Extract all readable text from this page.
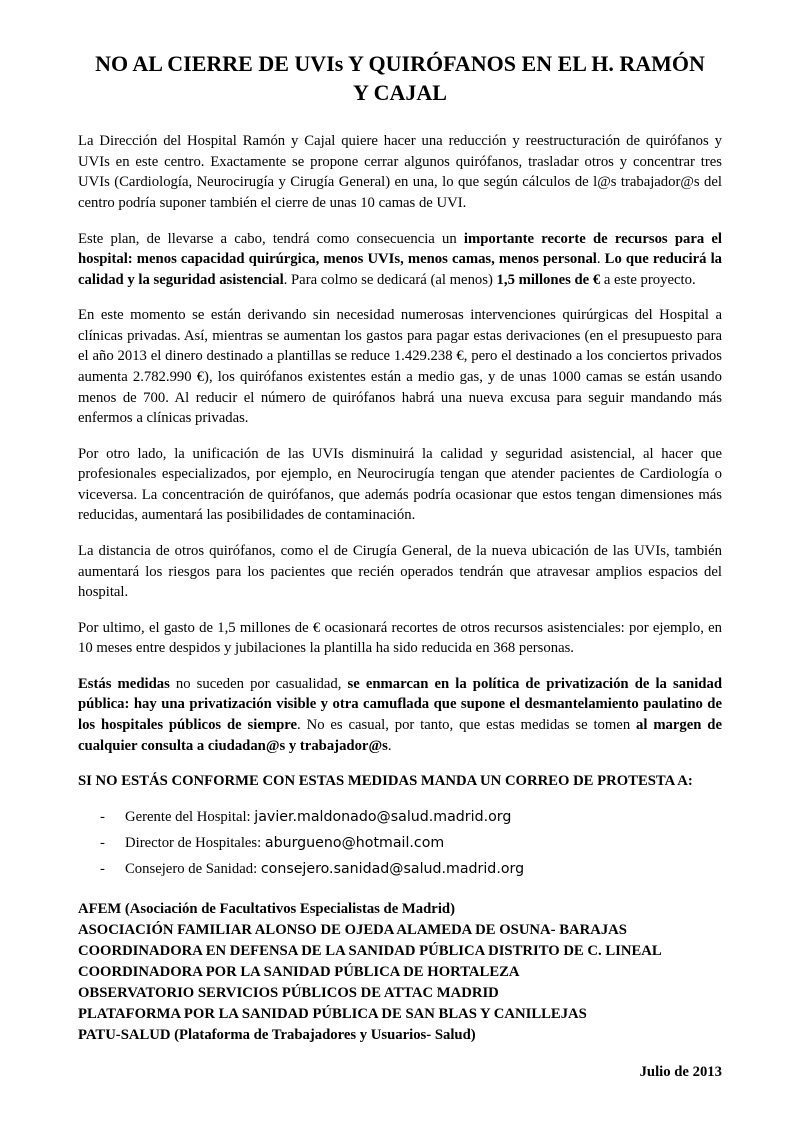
NO AL CIERRE DE UVIs Y QUIRÓFANOS EN EL H. RAMÓN Y CAJAL

La Dirección del Hospital Ramón y Cajal quiere hacer una reducción y reestructuración de quirófanos y UVIs en este centro. Exactamente se propone cerrar algunos quirófanos, trasladar otros y concentrar tres UVIs (Cardiología, Neurocirugía y Cirugía General) en una, lo que según cálculos de l@s trabajador@s del centro podría suponer también el cierre de unas 10 camas de UVI.

Este plan, de llevarse a cabo, tendrá como consecuencia un importante recorte de recursos para el hospital: menos capacidad quirúrgica, menos UVIs, menos camas, menos personal. Lo que reducirá la calidad y la seguridad asistencial. Para colmo se dedicará (al menos) 1,5 millones de € a este proyecto.

En este momento se están derivando sin necesidad numerosas intervenciones quirúrgicas del Hospital a clínicas privadas. Así, mientras se aumentan los gastos para pagar estas derivaciones (en el presupuesto para el año 2013 el dinero destinado a plantillas se reduce 1.429.238 €, pero el destinado a los conciertos privados aumenta 2.782.990 €), los quirófanos existentes están a medio gas, y de unas 1000 camas se están usando menos de 700. Al reducir el número de quirófanos habrá una nueva excusa para seguir mandando más enfermos a clínicas privadas.

Por otro lado, la unificación de las UVIs disminuirá la calidad y seguridad asistencial, al hacer que profesionales especializados, por ejemplo, en Neurocirugía tengan que atender pacientes de Cardiología o viceversa. La concentración de quirófanos, que además podría ocasionar que estos tengan dimensiones más reducidas, aumentará las posibilidades de contaminación.

La distancia de otros quirófanos, como el de Cirugía General, de la nueva ubicación de las UVIs, también aumentará los riesgos para los pacientes que recién operados tendrán que atravesar amplios espacios del hospital.

Por ultimo, el gasto de 1,5 millones de € ocasionará recortes de otros recursos asistenciales: por ejemplo, en 10 meses entre despidos y jubilaciones la plantilla ha sido reducida en 368 personas.

Estás medidas no suceden por casualidad, se enmarcan en la política de privatización de la sanidad pública: hay una privatización visible y otra camuflada que supone el desmantelamiento paulatino de los hospitales públicos de siempre. No es casual, por tanto, que estas medidas se tomen al margen de cualquier consulta a ciudadan@s y trabajador@s.

SI NO ESTÁS CONFORME CON ESTAS MEDIDAS MANDA UN CORREO DE PROTESTA A:

- Gerente del Hospital: javier.maldonado@salud.madrid.org
- Director de Hospitales: aburgueno@hotmail.com
- Consejero de Sanidad: consejero.sanidad@salud.madrid.org
AFEM (Asociación de Facultativos Especialistas de Madrid)
ASOCIACIÓN FAMILIAR ALONSO DE OJEDA ALAMEDA DE OSUNA- BARAJAS
COORDINADORA EN DEFENSA DE LA SANIDAD PÚBLICA DISTRITO DE C. LINEAL
COORDINADORA POR LA SANIDAD PÚBLICA DE HORTALEZA
OBSERVATORIO SERVICIOS PÚBLICOS DE ATTAC MADRID
PLATAFORMA POR LA SANIDAD PÚBLICA DE SAN BLAS Y CANILLEJAS
PATU-SALUD (Plataforma de Trabajadores y Usuarios- Salud)
Julio de 2013
